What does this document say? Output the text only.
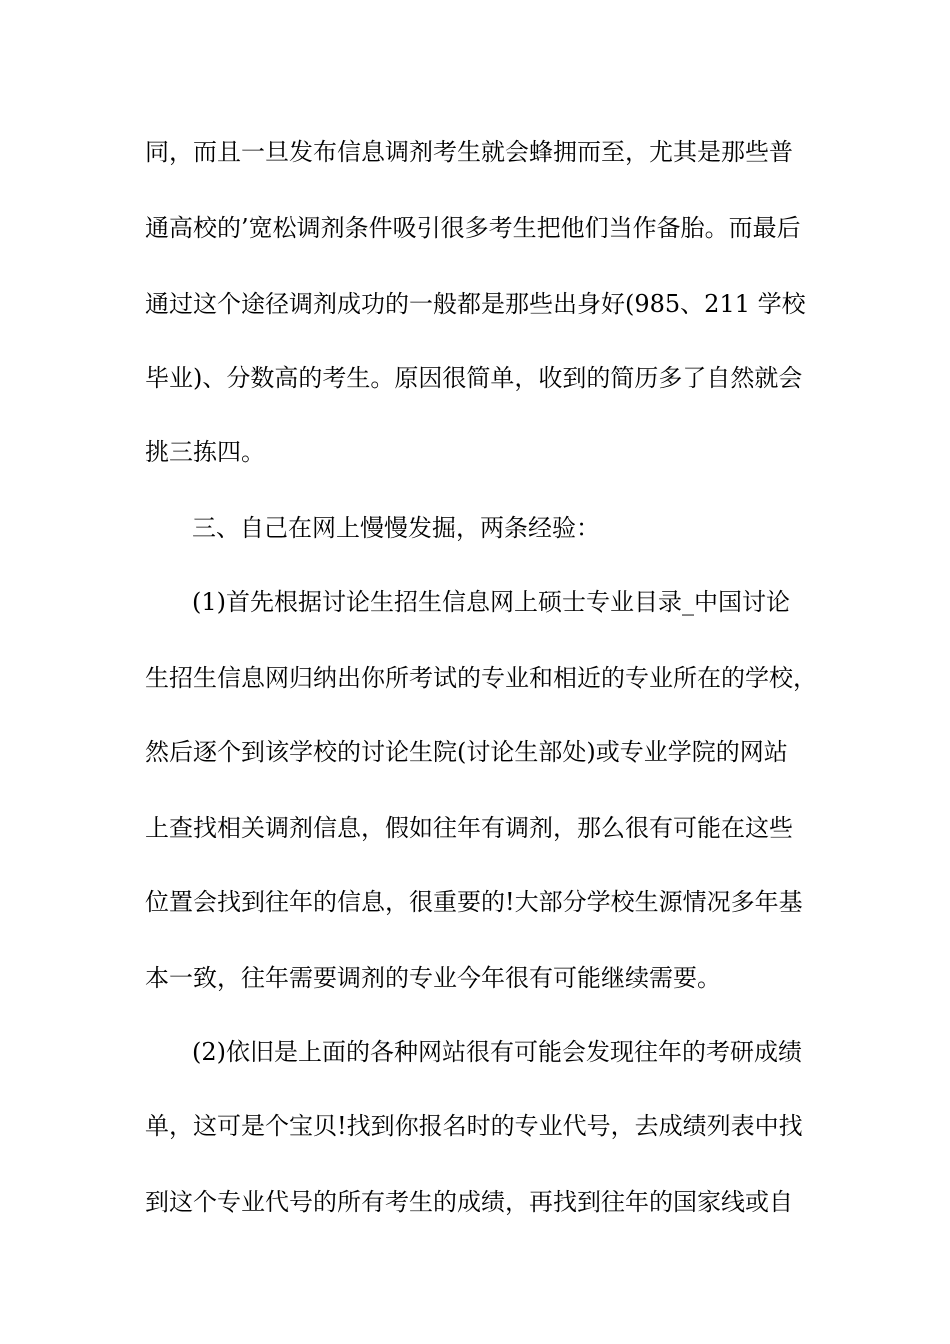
同，而且一旦发布信息调剂考生就会蜂拥而至，尤其是那些普
通高校的’宽松调剂条件吸引很多考生把他们当作备胎。而最后
通过这个途径调剂成功的一般都是那些出身好(985、211 学校
毕业)、分数高的考生。原因很简单，收到的简历多了自然就会
挑三拣四。
三、自己在网上慢慢发掘，两条经验：
(1)首先根据讨论生招生信息网上硕士专业目录_中国讨论
生招生信息网归纳出你所考试的专业和相近的专业所在的学校，
然后逐个到该学校的讨论生院(讨论生部处)或专业学院的网站
上查找相关调剂信息，假如往年有调剂，那么很有可能在这些
位置会找到往年的信息，很重要的!大部分学校生源情况多年基
本一致，往年需要调剂的专业今年很有可能继续需要。
(2)依旧是上面的各种网站很有可能会发现往年的考研成绩
单，这可是个宝贝!找到你报名时的专业代号，去成绩列表中找
到这个专业代号的所有考生的成绩，再找到往年的国家线或自
